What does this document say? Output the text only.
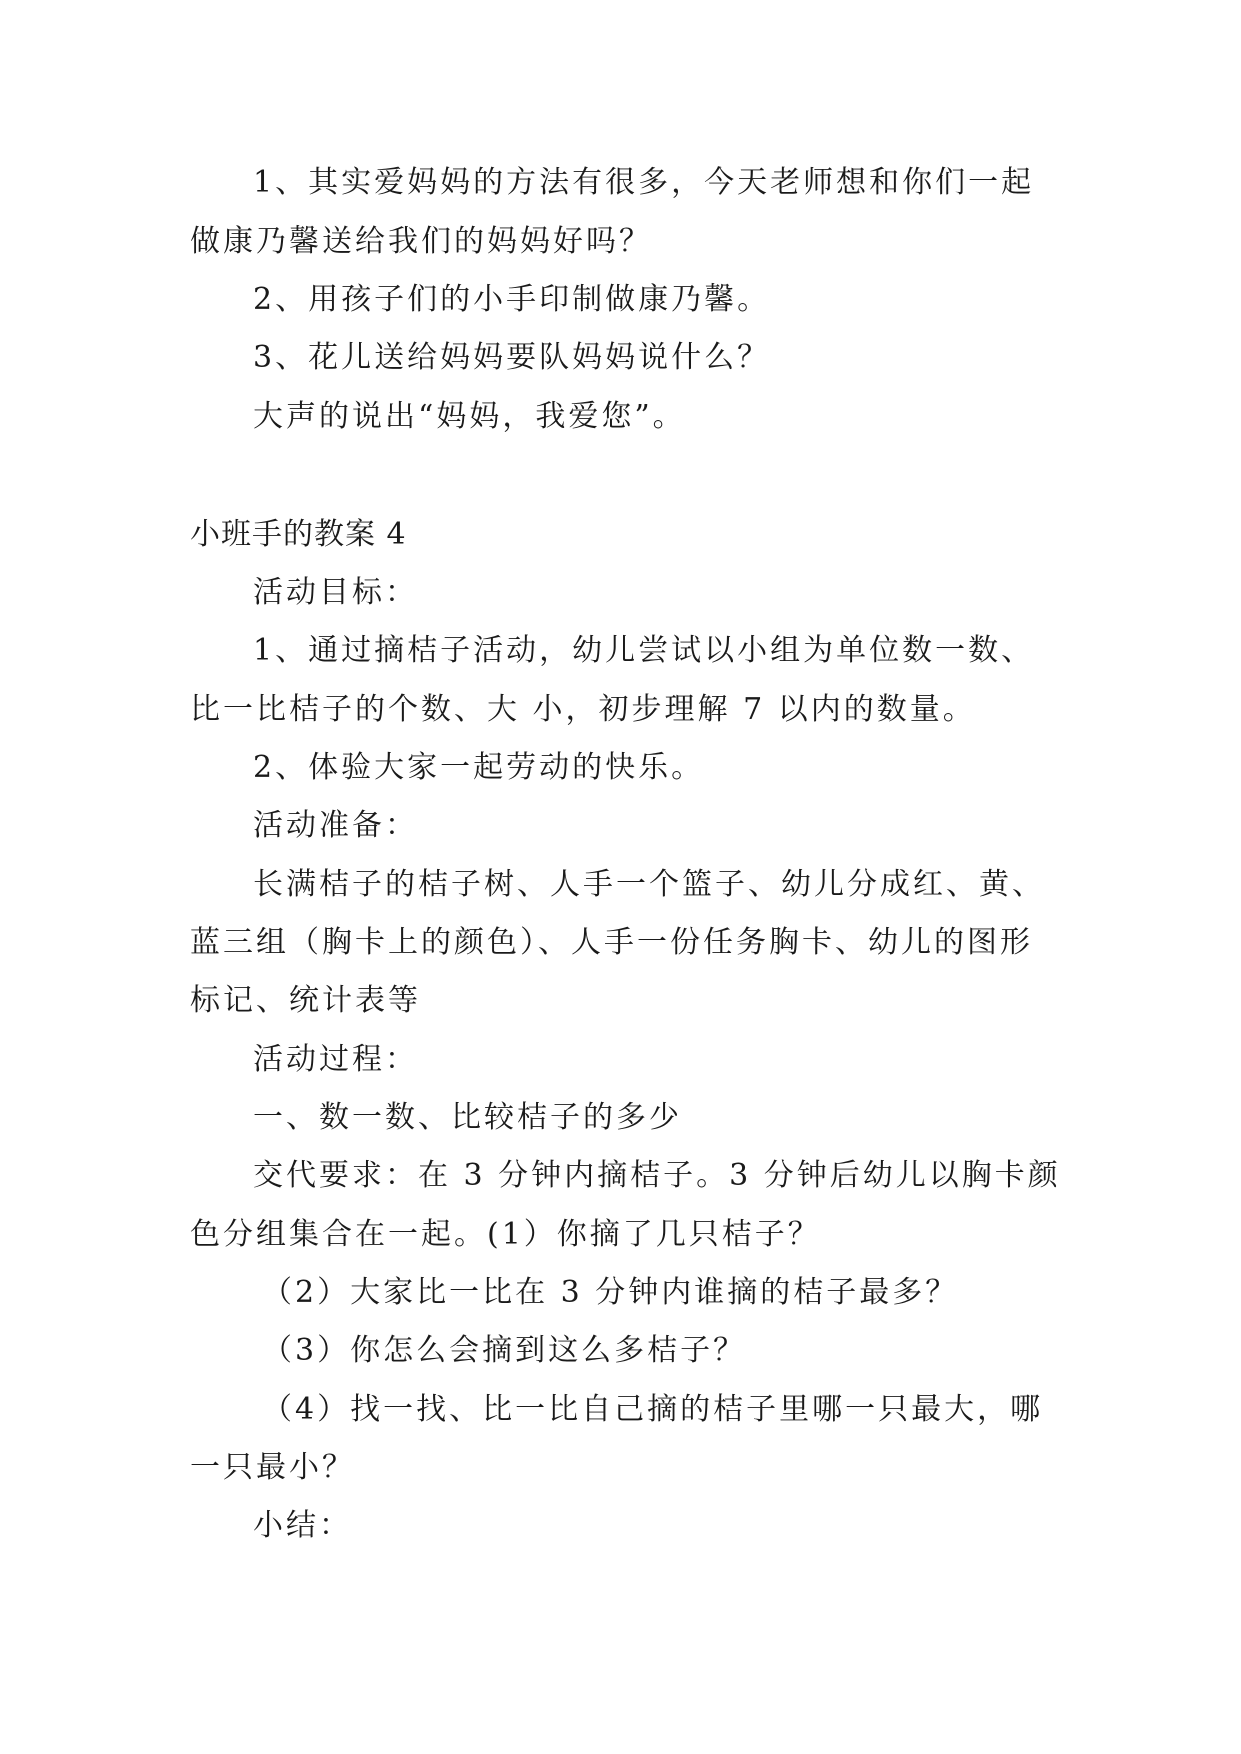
1、其实爱妈妈的方法有很多，今天老师想和你们一起
做康乃馨送给我们的妈妈好吗？
2、用孩子们的小手印制做康乃馨。
3、花儿送给妈妈要队妈妈说什么？
大声的说出“妈妈，我爱您”。
小班手的教案 4
活动目标：
1、通过摘桔子活动，幼儿尝试以小组为单位数一数、
比一比桔子的个数、大 小，初步理解 7 以内的数量。
2、体验大家一起劳动的快乐。
活动准备：
长满桔子的桔子树、人手一个篮子、幼儿分成红、黄、
蓝三组（胸卡上的颜色）、人手一份任务胸卡、幼儿的图形
标记、统计表等
活动过程：
一、数一数、比较桔子的多少
交代要求：在 3 分钟内摘桔子。3 分钟后幼儿以胸卡颜
色分组集合在一起。(1）你摘了几只桔子？
（2）大家比一比在 3 分钟内谁摘的桔子最多？
（3）你怎么会摘到这么多桔子？
（4）找一找、比一比自己摘的桔子里哪一只最大，哪
一只最小？
小结：
